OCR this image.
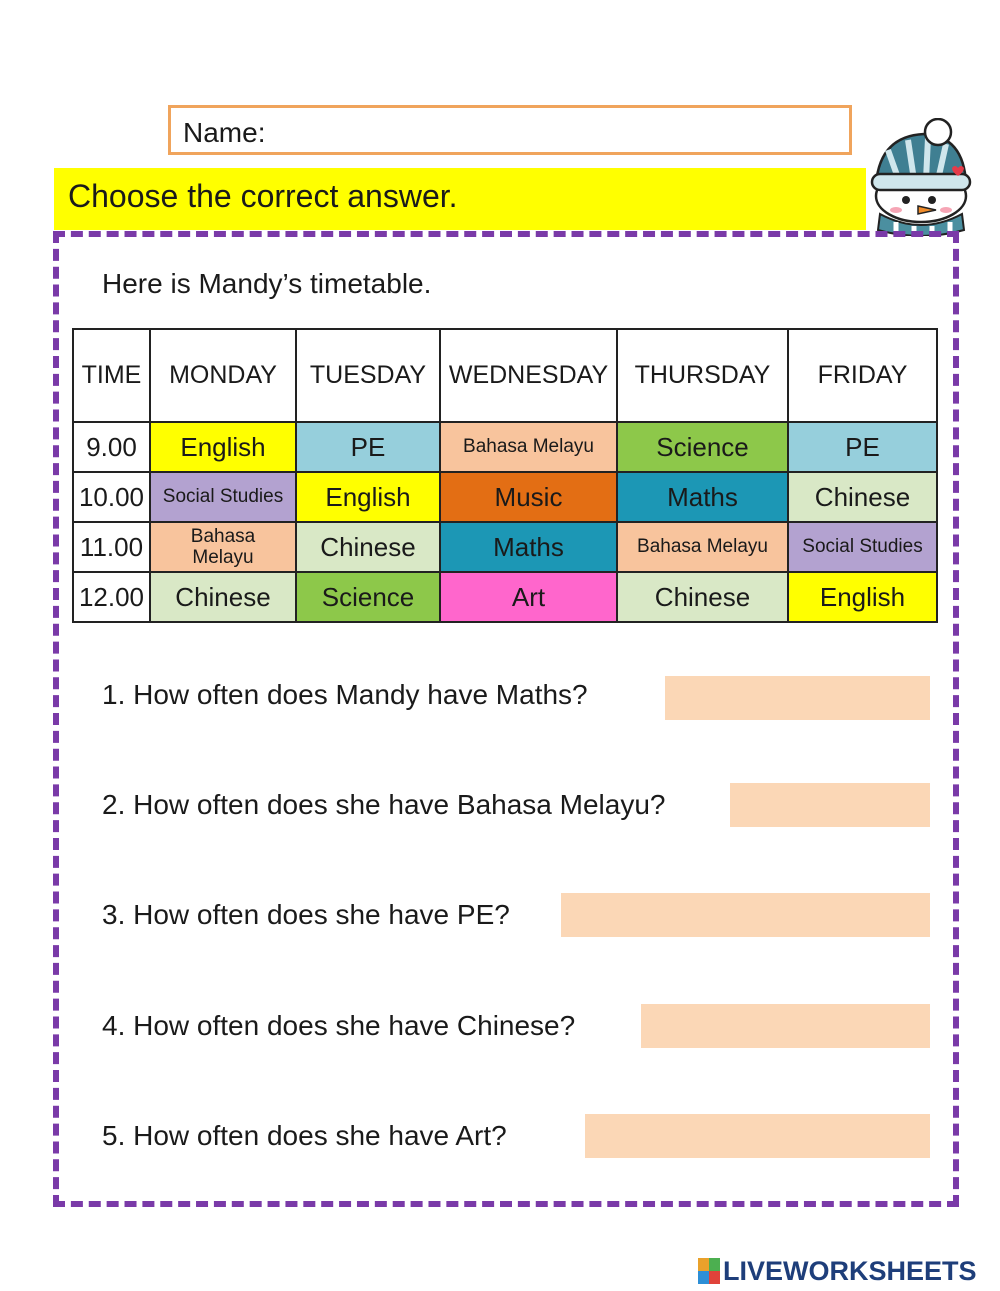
Name:
Choose the correct answer.
Here is Mandy’s timetable.
TIME	MONDAY	TUESDAY	WEDNESDAY	THURSDAY	FRIDAY
9.00	English	PE	Bahasa Melayu	Science	PE
10.00	Social Studies	English	Music	Maths	Chinese
11.00	Bahasa Melayu	Chinese	Maths	Bahasa Melayu	Social Studies
12.00	Chinese	Science	Art	Chinese	English
1. How often does Mandy have Maths?
2. How often does she have Bahasa Melayu?
3. How often does she have PE?
4. How often does she have Chinese?
5. How often does she have Art?
LIVEWORKSHEETS
